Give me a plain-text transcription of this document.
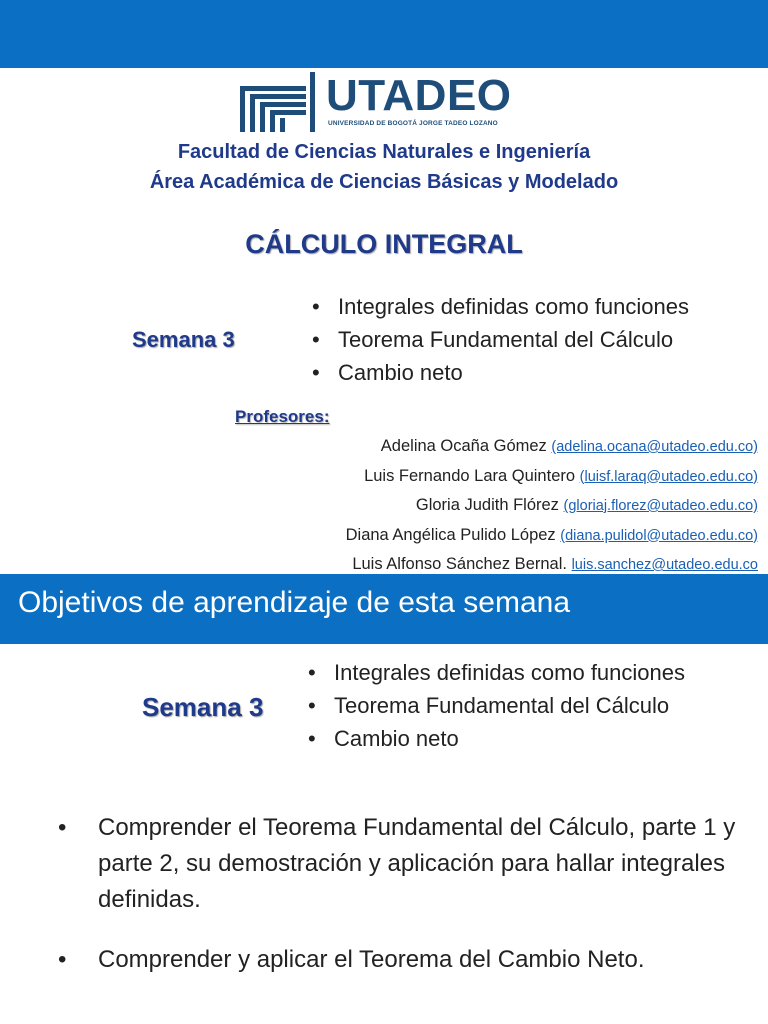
UTADEO
UNIVERSIDAD DE BOGOTÁ JORGE TADEO LOZANO
Facultad de Ciencias Naturales e Ingeniería
Área Académica de Ciencias Básicas y Modelado
CÁLCULO INTEGRAL
Semana 3
• Integrales definidas como funciones
• Teorema Fundamental del Cálculo
• Cambio neto
Profesores:
Adelina Ocaña Gómez (adelina.ocana@utadeo.edu.co)
Luis Fernando Lara Quintero (luisf.laraq@utadeo.edu.co)
Gloria Judith Flórez (gloriaj.florez@utadeo.edu.co)
Diana Angélica Pulido López (diana.pulidol@utadeo.edu.co)
Luis Alfonso Sánchez Bernal. luis.sanchez@utadeo.edu.co
Objetivos de aprendizaje de esta semana
Semana 3
• Integrales definidas como funciones
• Teorema Fundamental del Cálculo
• Cambio neto
• Comprender el Teorema Fundamental del Cálculo, parte 1 y parte 2, su demostración y aplicación para hallar integrales definidas.
• Comprender y aplicar el Teorema del Cambio Neto.
